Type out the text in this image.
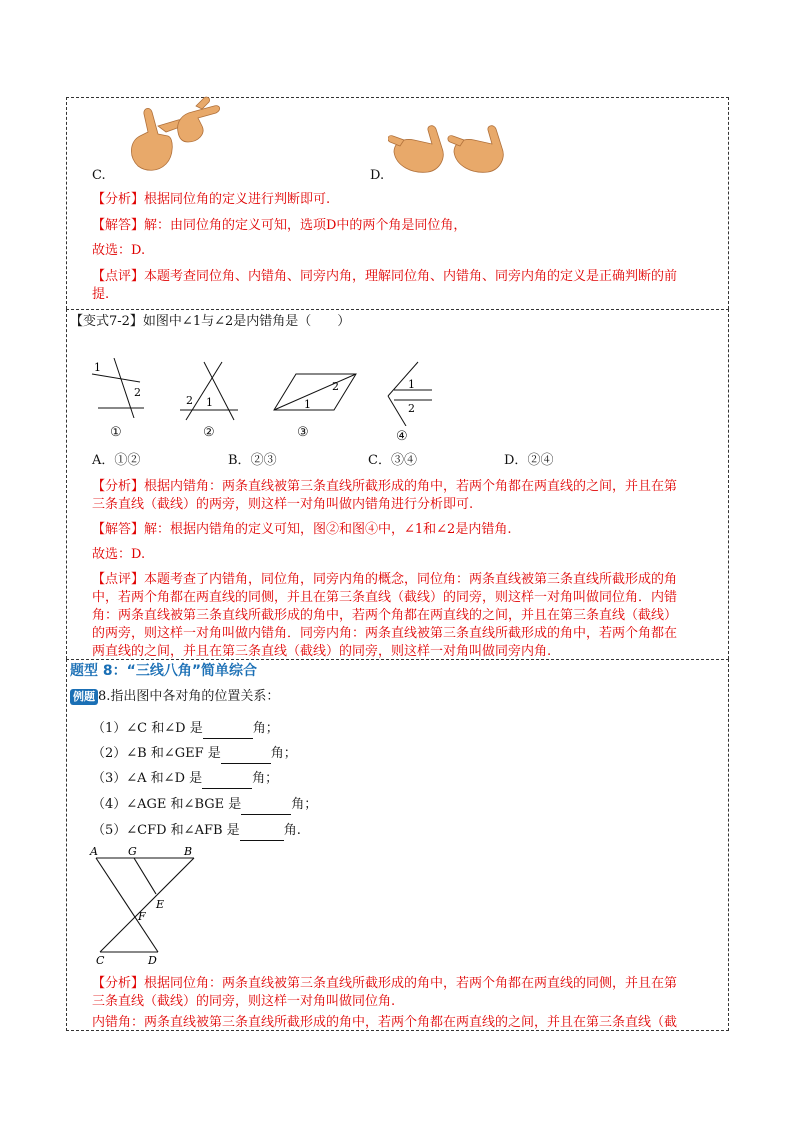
C.	D.
【分析】根据同位角的定义进行判断即可.
【解答】解：由同位角的定义可知，选项D中的两个角是同位角，
故选：D.
【点评】本题考查同位角、内错角、同旁内角，理解同位角、内错角、同旁内角的定义是正确判断的前
提.
【变式7-2】如图中∠1与∠2是内错角是（　　）
1
2
①
2 1
②
1
2
③
1
2
④
A．①②	B．②③	C．③④	D．②④
【分析】根据内错角：两条直线被第三条直线所截形成的角中，若两个角都在两直线的之间，并且在第
三条直线（截线）的两旁，则这样一对角叫做内错角进行分析即可.
【解答】解：根据内错角的定义可知，图②和图④中，∠1和∠2是内错角.
故选：D.
【点评】本题考查了内错角，同位角，同旁内角的概念，同位角：两条直线被第三条直线所截形成的角
中，若两个角都在两直线的同侧，并且在第三条直线（截线）的同旁，则这样一对角叫做同位角．内错
角：两条直线被第三条直线所截形成的角中，若两个角都在两直线的之间，并且在第三条直线（截线）
的两旁，则这样一对角叫做内错角．同旁内角：两条直线被第三条直线所截形成的角中，若两个角都在
两直线的之间，并且在第三条直线（截线）的同旁，则这样一对角叫做同旁内角.
题型 8：“三线八角”简单综合
例题 8.指出图中各对角的位置关系：
（1）∠C 和∠D 是	角；
（2）∠B 和∠GEF 是	角；
（3）∠A 和∠D 是	角；
（4）∠AGE 和∠BGE 是	角；
（5）∠CFD 和∠AFB 是	角.
A	G	B
E
F
C	D
【分析】根据同位角：两条直线被第三条直线所截形成的角中，若两个角都在两直线的同侧，并且在第
三条直线（截线）的同旁，则这样一对角叫做同位角.
内错角：两条直线被第三条直线所截形成的角中，若两个角都在两直线的之间，并且在第三条直线（截
